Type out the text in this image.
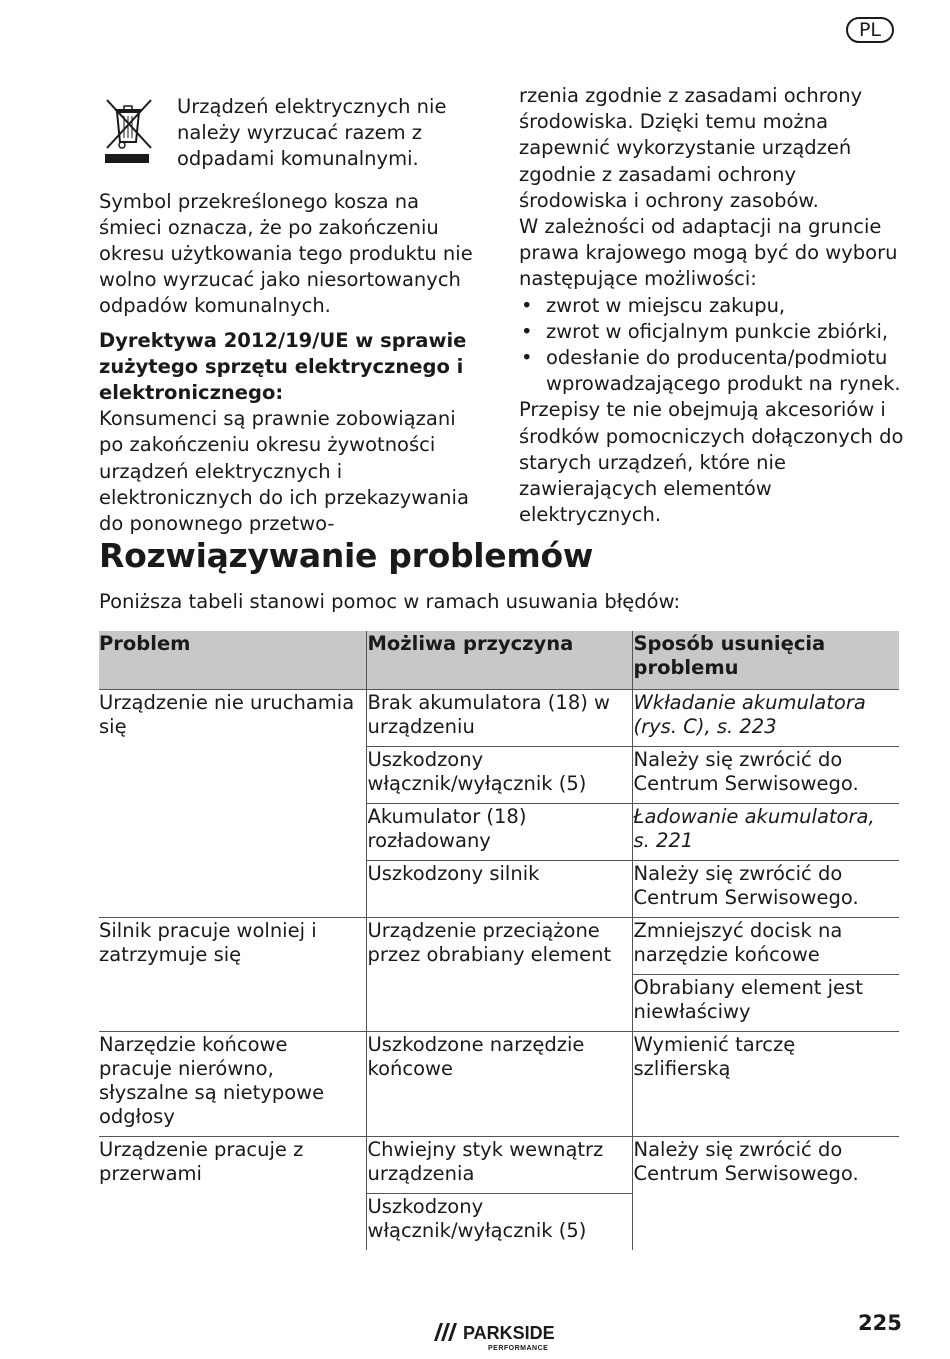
PL

Urządzeń elektrycznych nie należy wyrzucać razem z odpadami komunalnymi.

Symbol przekreślonego kosza na śmieci oznacza, że po zakończeniu okresu użytkowania tego produktu nie wolno wyrzucać jako niesortowanych odpadów komunalnych.

Dyrektywa 2012/19/UE w sprawie zużytego sprzętu elektrycznego i elektronicznego:

Konsumenci są prawnie zobowiązani po zakończeniu okresu żywotności urządzeń elektrycznych i elektronicznych do ich przekazywania do ponownego przetwo-

rzenia zgodnie z zasadami ochrony środowiska. Dzięki temu można zapewnić wykorzystanie urządzeń zgodnie z zasadami ochrony środowiska i ochrony zasobów.

W zależności od adaptacji na gruncie prawa krajowego mogą być do wyboru następujące możliwości:

• zwrot w miejscu zakupu,
• zwrot w oficjalnym punkcie zbiórki,
• odesłanie do producenta/podmiotu wprowadzającego produkt na rynek.

Przepisy te nie obejmują akcesoriów i środków pomocniczych dołączonych do starych urządzeń, które nie zawierających elementów elektrycznych.

Rozwiązywanie problemów
Poniższa tabeli stanowi pomoc w ramach usuwania błędów:
Problem	Możliwa przyczyna	Sposób usunięcia problemu
Urządzenie nie uruchamia się	Brak akumulatora (18) w urządzeniu	Wkładanie akumulatora (rys. C), s. 223
	Uszkodzony włącznik/wyłącznik (5)	Należy się zwrócić do Centrum Serwisowego.
	Akumulator (18) rozładowany	Ładowanie akumulatora, s. 221
	Uszkodzony silnik	Należy się zwrócić do Centrum Serwisowego.
Silnik pracuje wolniej i zatrzymuje się	Urządzenie przeciążone przez obrabiany element	Zmniejszyć docisk na narzędzie końcowe
		Obrabiany element jest niewłaściwy
Narzędzie końcowe pracuje nierówno, słyszalne są nietypowe odgłosy	Uszkodzone narzędzie końcowe	Wymienić tarczę szlifierską
Urządzenie pracuje z przerwami	Chwiejny styk wewnątrz urządzenia	Należy się zwrócić do Centrum Serwisowego.
	Uszkodzony włącznik/wyłącznik (5)	
PARKSIDE
PERFORMANCE
225
